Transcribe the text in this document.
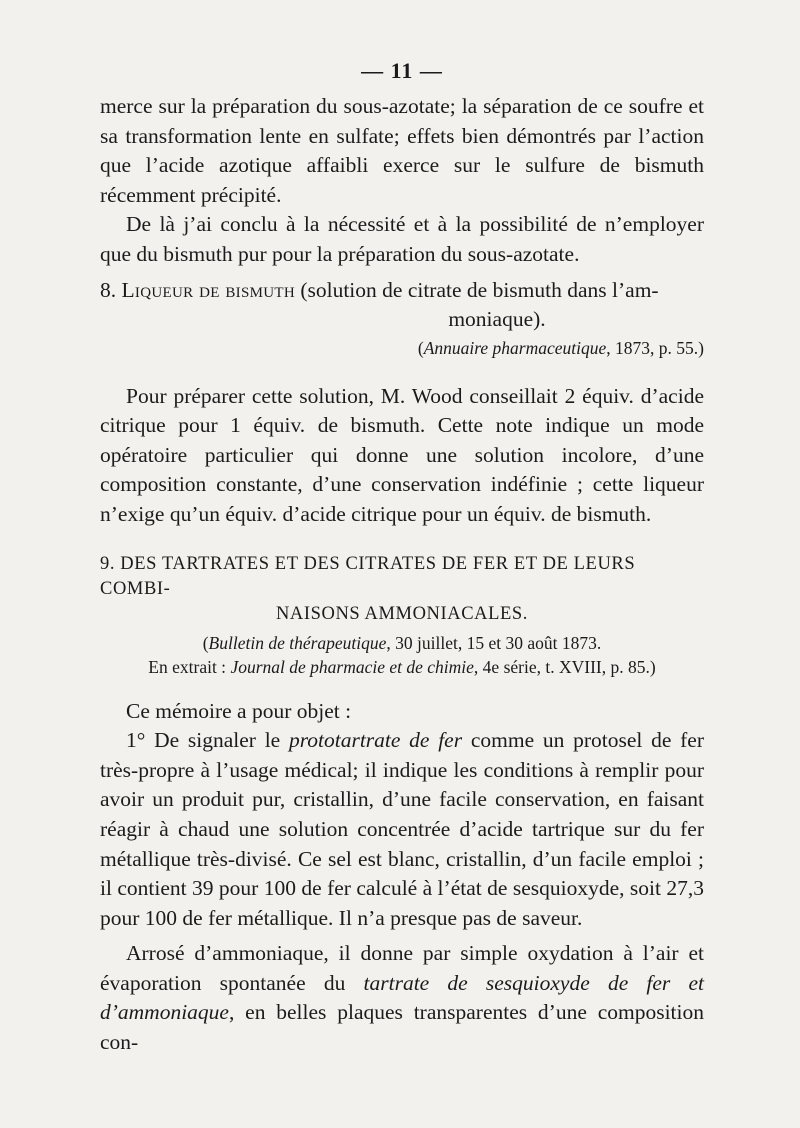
— 11 —

merce sur la préparation du sous-azotate; la séparation de ce soufre et sa transformation lente en sulfate; effets bien démontrés par l’action que l’acide azotique affaibli exerce sur le sulfure de bismuth récemment précipité.

De là j’ai conclu à la nécessité et à la possibilité de n’employer que du bismuth pur pour la préparation du sous-azotate.

8. Liqueur de bismuth (solution de citrate de bismuth dans l’am-
moniaque).

(Annuaire pharmaceutique, 1873, p. 55.)

Pour préparer cette solution, M. Wood conseillait 2 équiv. d’acide citrique pour 1 équiv. de bismuth. Cette note indique un mode opératoire particulier qui donne une solution incolore, d’une composition constante, d’une conservation indéfinie ; cette liqueur n’exige qu’un équiv. d’acide citrique pour un équiv. de bismuth.

9. DES TARTRATES ET DES CITRATES DE FER ET DE LEURS COMBI-
NAISONS AMMONIACALES.
(Bulletin de thérapeutique, 30 juillet, 15 et 30 août 1873.
En extrait : Journal de pharmacie et de chimie, 4e série, t. XVIII, p. 85.)

Ce mémoire a pour objet :

1° De signaler le prototartrate de fer comme un protosel de fer très-propre à l’usage médical; il indique les conditions à remplir pour avoir un produit pur, cristallin, d’une facile conservation, en faisant réagir à chaud une solution concentrée d’acide tartrique sur du fer métallique très-divisé. Ce sel est blanc, cristallin, d’un facile emploi ; il contient 39 pour 100 de fer calculé à l’état de sesquioxyde, soit 27,3 pour 100 de fer métallique. Il n’a presque pas de saveur.

Arrosé d’ammoniaque, il donne par simple oxydation à l’air et évaporation spontanée du tartrate de sesquioxyde de fer et d’ammoniaque, en belles plaques transparentes d’une composition con-
